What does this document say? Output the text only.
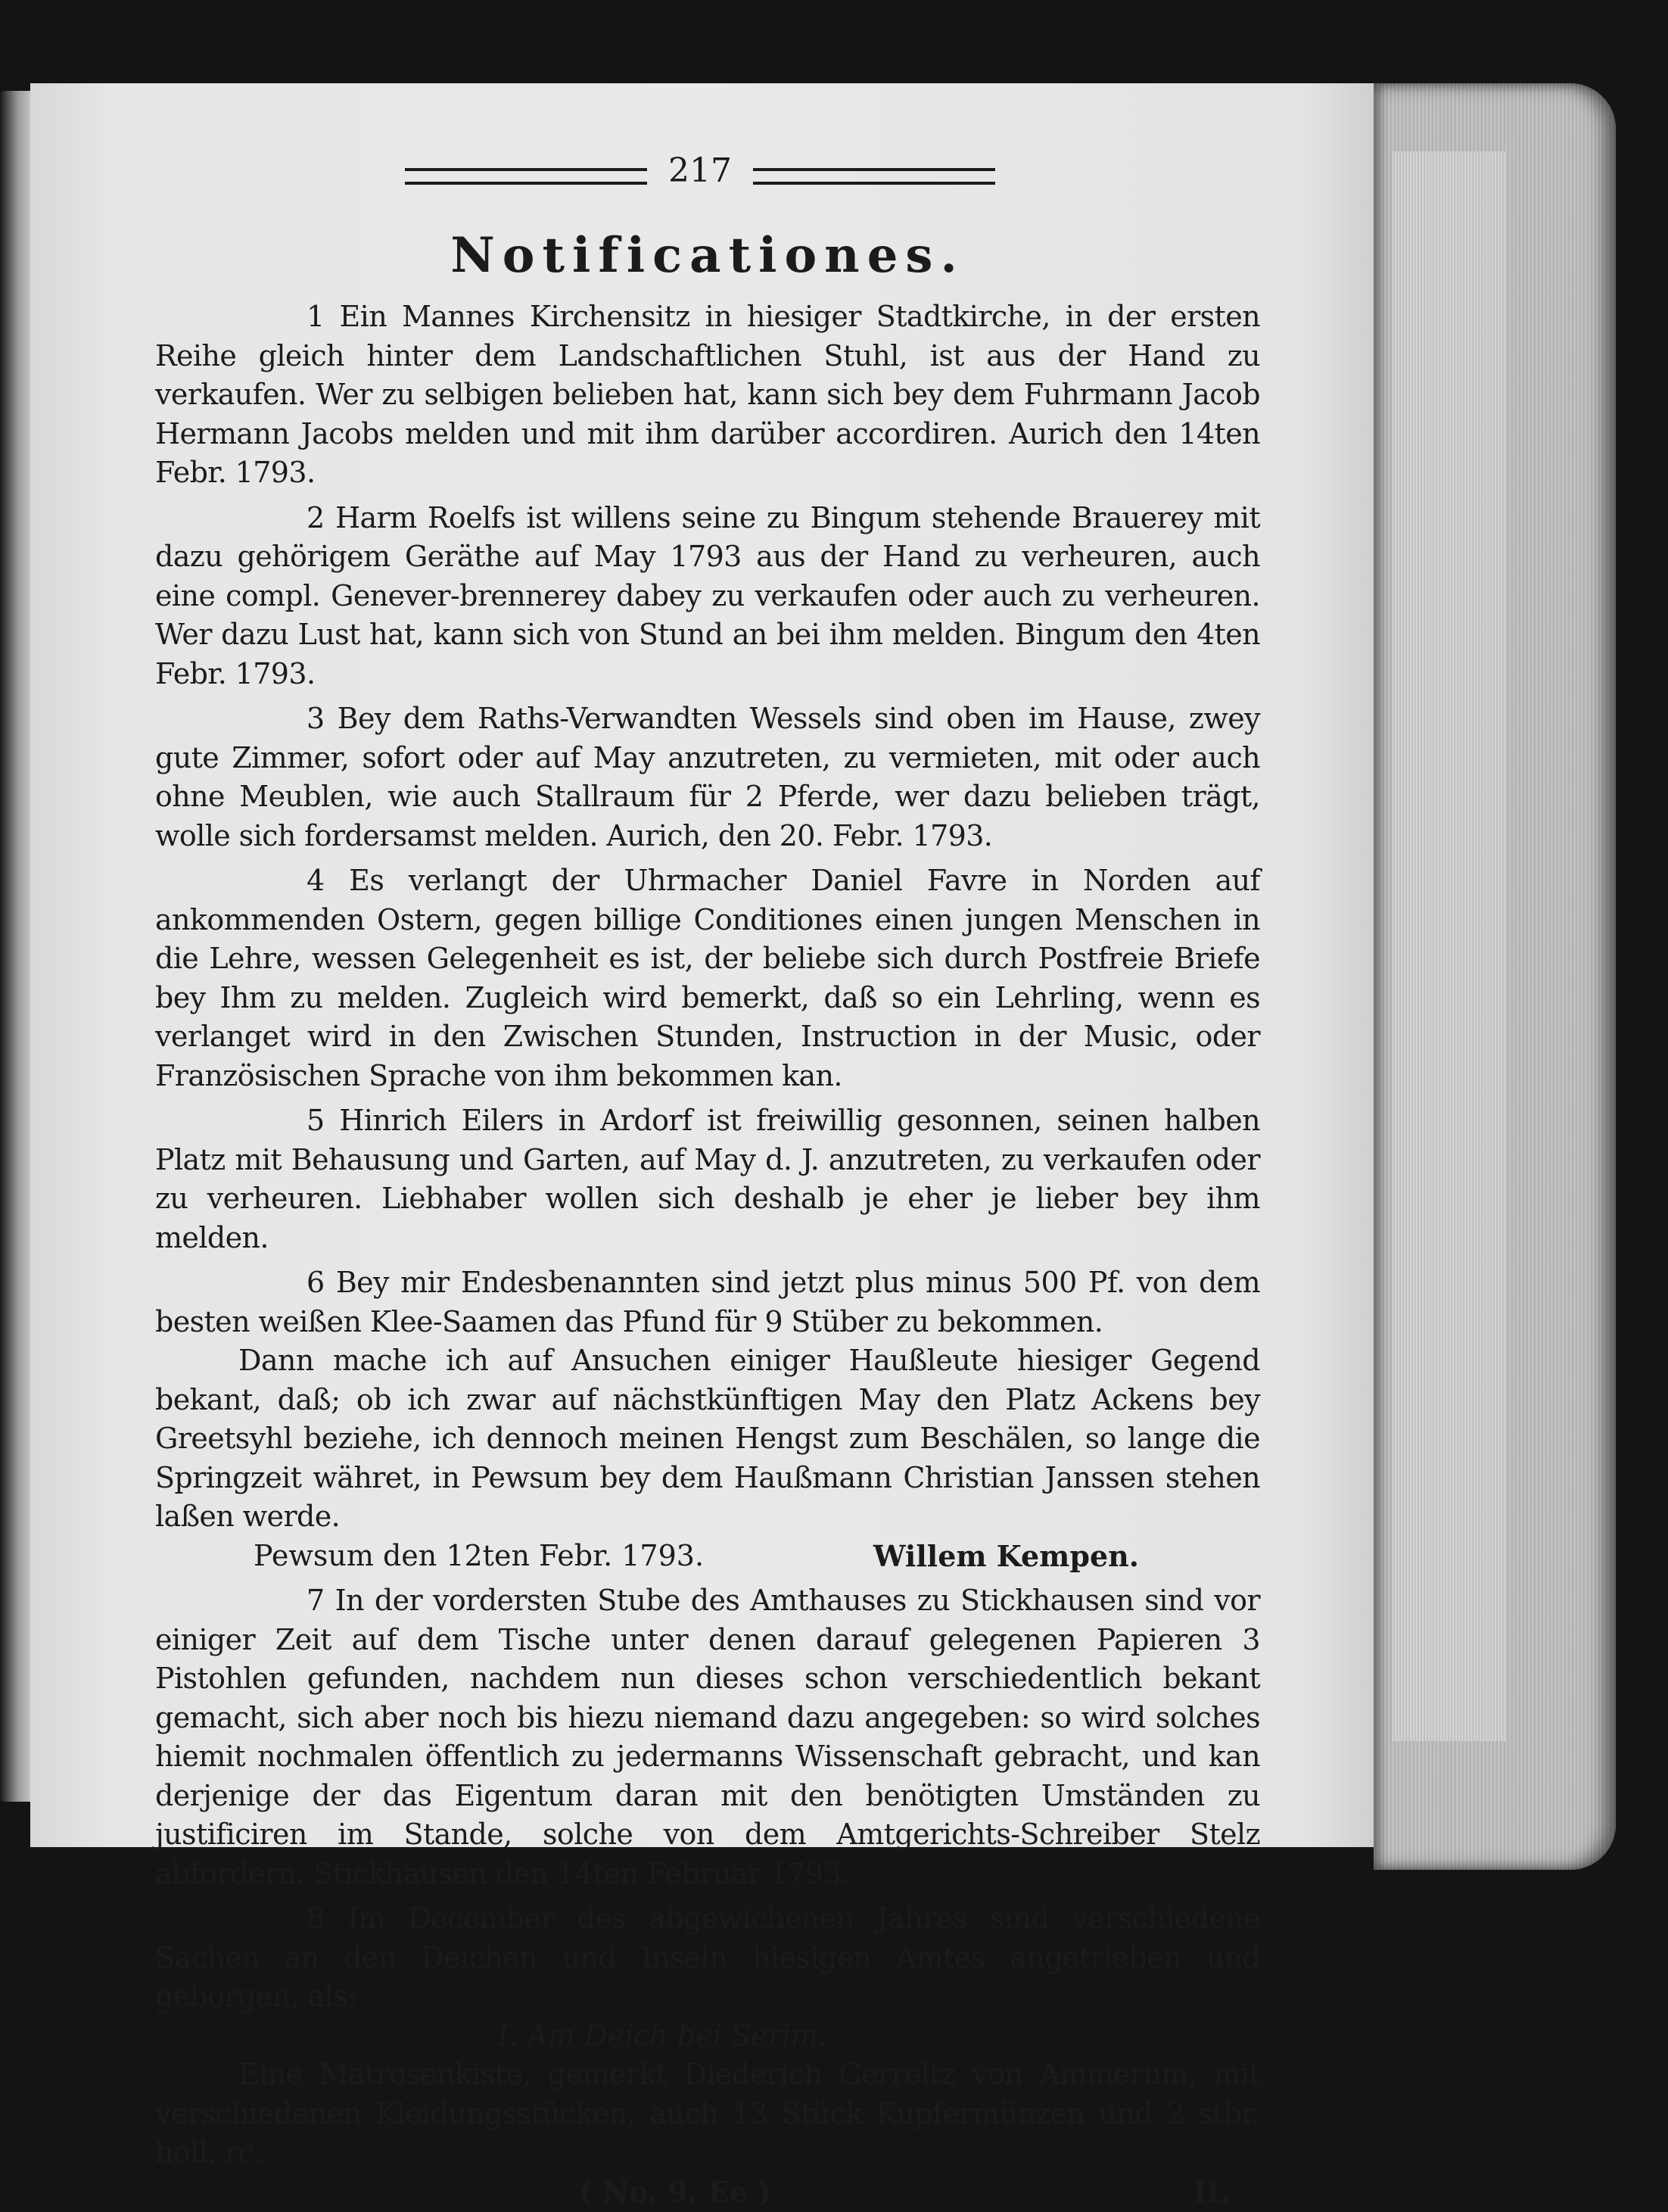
217
Notificationes.

1 Ein Mannes Kirchensitz in hiesiger Stadtkirche, in der ersten Reihe gleich hinter dem Landschaftlichen Stuhl, ist aus der Hand zu verkaufen. Wer zu selbigen belieben hat, kann sich bey dem Fuhrmann Jacob Hermann Jacobs melden und mit ihm darüber accordiren. Aurich den 14ten Febr. 1793.

2 Harm Roelfs ist willens seine zu Bingum stehende Brauerey mit dazu gehörigem Geräthe auf May 1793 aus der Hand zu verheuren, auch eine compl. Genever-brennerey dabey zu verkaufen oder auch zu verheuren. Wer dazu Lust hat, kann sich von Stund an bei ihm melden. Bingum den 4ten Febr. 1793.

3 Bey dem Raths-Verwandten Wessels sind oben im Hause, zwey gute Zimmer, sofort oder auf May anzutreten, zu vermieten, mit oder auch ohne Meublen, wie auch Stallraum für 2 Pferde, wer dazu belieben trägt, wolle sich fordersamst melden. Aurich, den 20. Febr. 1793.

4 Es verlangt der Uhrmacher Daniel Favre in Norden auf ankommenden Ostern, gegen billige Conditiones einen jungen Menschen in die Lehre, wessen Gelegenheit es ist, der beliebe sich durch Postfreie Briefe bey Ihm zu melden. Zugleich wird bemerkt, daß so ein Lehrling, wenn es verlanget wird in den Zwischen Stunden, Instruction in der Music, oder Französischen Sprache von ihm bekommen kan.

5 Hinrich Eilers in Ardorf ist freiwillig gesonnen, seinen halben Platz mit Behausung und Garten, auf May d. J. anzutreten, zu verkaufen oder zu verheuren. Liebhaber wollen sich deshalb je eher je lieber bey ihm melden.

6 Bey mir Endesbenannten sind jetzt plus minus 500 Pf. von dem besten weißen Klee-Saamen das Pfund für 9 Stüber zu bekommen.

Dann mache ich auf Ansuchen einiger Haußleute hiesiger Gegend bekant, daß; ob ich zwar auf nächstkünftigen May den Platz Ackens bey Greetsyhl beziehe, ich dennoch meinen Hengst zum Beschälen, so lange die Springzeit währet, in Pewsum bey dem Haußmann Christian Janssen stehen laßen werde.

Pewsum den 12ten Febr. 1793.	Willem Kempen.

7 In der vordersten Stube des Amthauses zu Stickhausen sind vor einiger Zeit auf dem Tische unter denen darauf gelegenen Papieren 3 Pistohlen gefunden, nachdem nun dieses schon verschiedentlich bekant gemacht, sich aber noch bis hiezu niemand dazu angegeben: so wird solches hiemit nochmalen öffentlich zu jedermanns Wissenschaft gebracht, und kan derjenige der das Eigentum daran mit den benötigten Umständen zu justificiren im Stande, solche von dem Amtgerichts-Schreiber Stelz abfordern. Stickhausen den 14ten Februar 1793.

8 Im December des abgewichenen Jahres sind verschiedene Sachen an den Deichen und Inseln hiesigen Amtes angetrieben und geborgen, als:

I. Am Deich bei Serim.

Eine Matrosenkiste, gemerkt Diederich Gerreltz von Ammerum, mit verschiedenen Kleidungsstücken, auch 13 Stück Kupfermünzen und 2 stbr. holl. rc.

( No. 9. Ee )	II.
